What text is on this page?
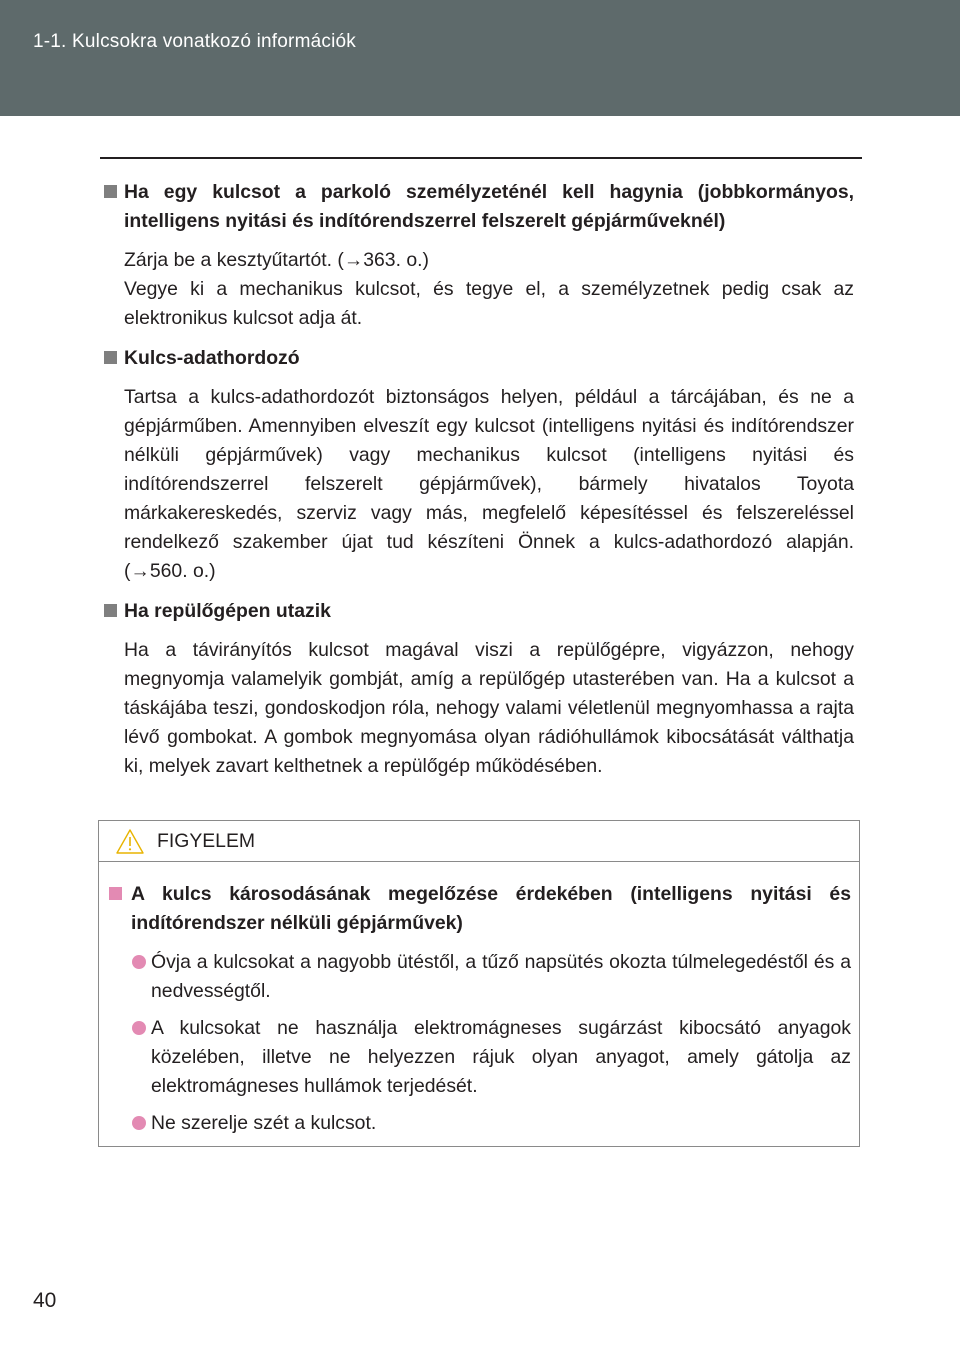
1-1. Kulcsokra vonatkozó információk
Ha egy kulcsot a parkoló személyzeténél kell hagynia (jobbkormányos, intelligens nyitási és indítórendszerrel felszerelt gépjárműveknél)
Zárja be a kesztyűtartót. (→363. o.)
Vegye ki a mechanikus kulcsot, és tegye el, a személyzetnek pedig csak az elektronikus kulcsot adja át.
Kulcs-adathordozó
Tartsa a kulcs-adathordozót biztonságos helyen, például a tárcájában, és ne a gépjárműben. Amennyiben elveszít egy kulcsot (intelligens nyitási és indítórendszer nélküli gépjárművek) vagy mechanikus kulcsot (intelligens nyitási és indítórendszerrel felszerelt gépjárművek), bármely hivatalos Toyota márkakereskedés, szerviz vagy más, megfelelő képesítéssel és felszereléssel rendelkező szakember újat tud készíteni Önnek a kulcs-adathordozó alapján. (→560. o.)
Ha repülőgépen utazik
Ha a távirányítós kulcsot magával viszi a repülőgépre, vigyázzon, nehogy megnyomja valamelyik gombját, amíg a repülőgép utasterében van. Ha a kulcsot a táskájába teszi, gondoskodjon róla, nehogy valami véletlenül megnyomhassa a rajta lévő gombokat. A gombok megnyomása olyan rádióhullámok kibocsátását válthatja ki, melyek zavart kelthetnek a repülőgép működésében.
FIGYELEM
A kulcs károsodásának megelőzése érdekében (intelligens nyitási és indítórendszer nélküli gépjárművek)
Óvja a kulcsokat a nagyobb ütéstől, a tűző napsütés okozta túlmelegedéstől és a nedvességtől.
A kulcsokat ne használja elektromágneses sugárzást kibocsátó anyagok közelében, illetve ne helyezzen rájuk olyan anyagot, amely gátolja az elektromágneses hullámok terjedését.
Ne szerelje szét a kulcsot.
40
